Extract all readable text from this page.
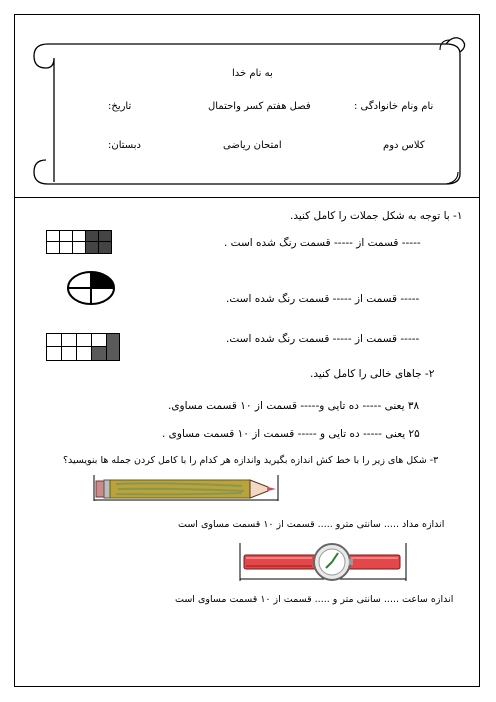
به نام خدا
نام ونام خانوادگی :
فصل هفتم کسر واحتمال
تاریخ:
کلاس دوم
امتحان ریاضی
دبستان:
۱- با توجه به شکل جملات را کامل کنید.
----- قسمت از ----- قسمت رنگ شده است .
----- قسمت از ----- قسمت رنگ شده است.
----- قسمت از ----- قسمت رنگ شده است.
۲- جاهای خالی را کامل کنید.
۳۸ یعنی ----- ده تایی و----- قسمت از ۱۰ قسمت مساوی.
۲۵ یعنی ----- ده تایی و ----- قسمت از ۱۰ قسمت مساوی .
۳- شکل های زیر را با خط کش اندازه بگیرید واندازه هر کدام را با کامل کردن جمله ها بنویسید؟
اندازه مداد ..... سانتی مترو ..... قسمت از ۱۰ قسمت مساوی است
اندازه ساعت ..... سانتی متر و ..... قسمت از ۱۰ قسمت مساوی است
